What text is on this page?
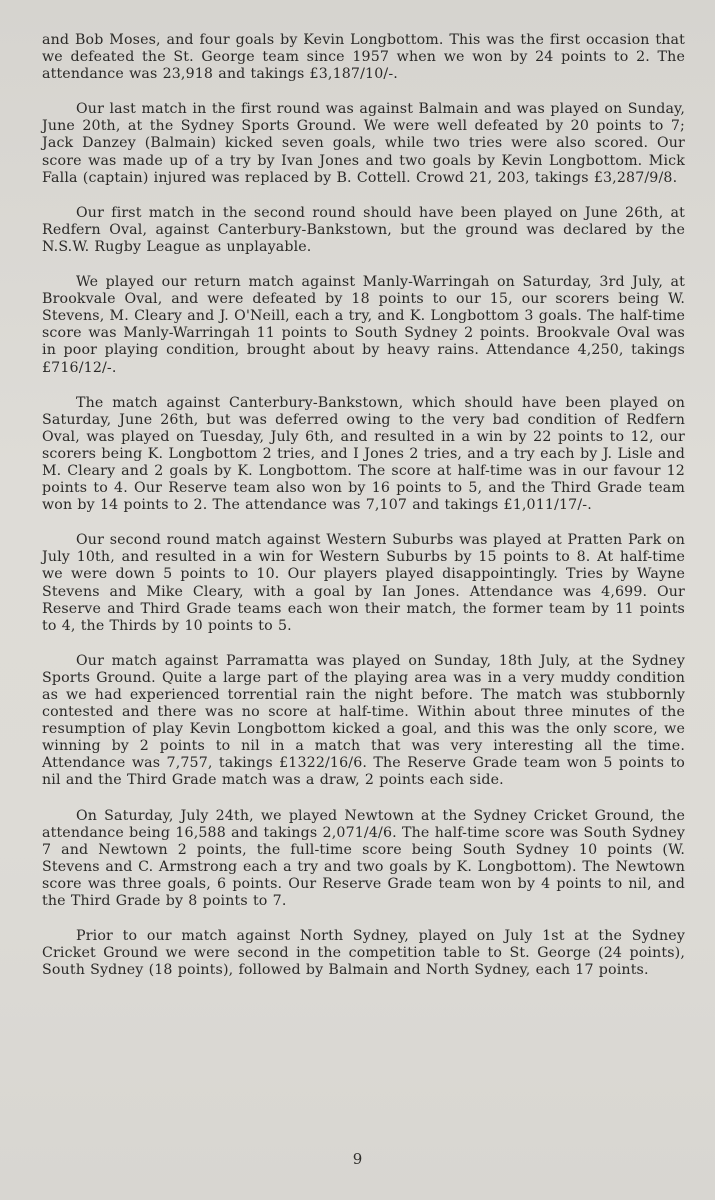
and Bob Moses, and four goals by Kevin Longbottom. This was the first occasion that we defeated the St. George team since 1957 when we won by 24 points to 2. The attendance was 23,918 and takings £3,187/10/-.

Our last match in the first round was against Balmain and was played on Sunday, June 20th, at the Sydney Sports Ground. We were well defeated by 20 points to 7; Jack Danzey (Balmain) kicked seven goals, while two tries were also scored. Our score was made up of a try by Ivan Jones and two goals by Kevin Longbottom. Mick Falla (captain) injured was replaced by B. Cottell. Crowd 21, 203, takings £3,287/9/8.

Our first match in the second round should have been played on June 26th, at Redfern Oval, against Canterbury-Bankstown, but the ground was declared by the N.S.W. Rugby League as unplayable.

We played our return match against Manly-Warringah on Saturday, 3rd July, at Brookvale Oval, and were defeated by 18 points to our 15, our scorers being W. Stevens, M. Cleary and J. O'Neill, each a try, and K. Longbottom 3 goals. The half-time score was Manly-Warringah 11 points to South Sydney 2 points. Brookvale Oval was in poor playing condition, brought about by heavy rains. Attendance 4,250, takings £716/12/-.

The match against Canterbury-Bankstown, which should have been played on Saturday, June 26th, but was deferred owing to the very bad condition of Redfern Oval, was played on Tuesday, July 6th, and resulted in a win by 22 points to 12, our scorers being K. Longbottom 2 tries, and I Jones 2 tries, and a try each by J. Lisle and M. Cleary and 2 goals by K. Longbottom. The score at half-time was in our favour 12 points to 4. Our Reserve team also won by 16 points to 5, and the Third Grade team won by 14 points to 2. The attendance was 7,107 and takings £1,011/17/-.

Our second round match against Western Suburbs was played at Pratten Park on July 10th, and resulted in a win for Western Suburbs by 15 points to 8. At half-time we were down 5 points to 10. Our players played disappointingly. Tries by Wayne Stevens and Mike Cleary, with a goal by Ian Jones. Attendance was 4,699. Our Reserve and Third Grade teams each won their match, the former team by 11 points to 4, the Thirds by 10 points to 5.

Our match against Parramatta was played on Sunday, 18th July, at the Sydney Sports Ground. Quite a large part of the playing area was in a very muddy condition as we had experienced torrential rain the night before. The match was stubbornly contested and there was no score at half-time. Within about three minutes of the resumption of play Kevin Longbottom kicked a goal, and this was the only score, we winning by 2 points to nil in a match that was very interesting all the time. Attendance was 7,757, takings £1322/16/6. The Reserve Grade team won 5 points to nil and the Third Grade match was a draw, 2 points each side.

On Saturday, July 24th, we played Newtown at the Sydney Cricket Ground, the attendance being 16,588 and takings 2,071/4/6. The half-time score was South Sydney 7 and Newtown 2 points, the full-time score being South Sydney 10 points (W. Stevens and C. Armstrong each a try and two goals by K. Longbottom). The Newtown score was three goals, 6 points. Our Reserve Grade team won by 4 points to nil, and the Third Grade by 8 points to 7.

Prior to our match against North Sydney, played on July 1st at the Sydney Cricket Ground we were second in the competition table to St. George (24 points), South Sydney (18 points), followed by Balmain and North Sydney, each 17 points.

9
